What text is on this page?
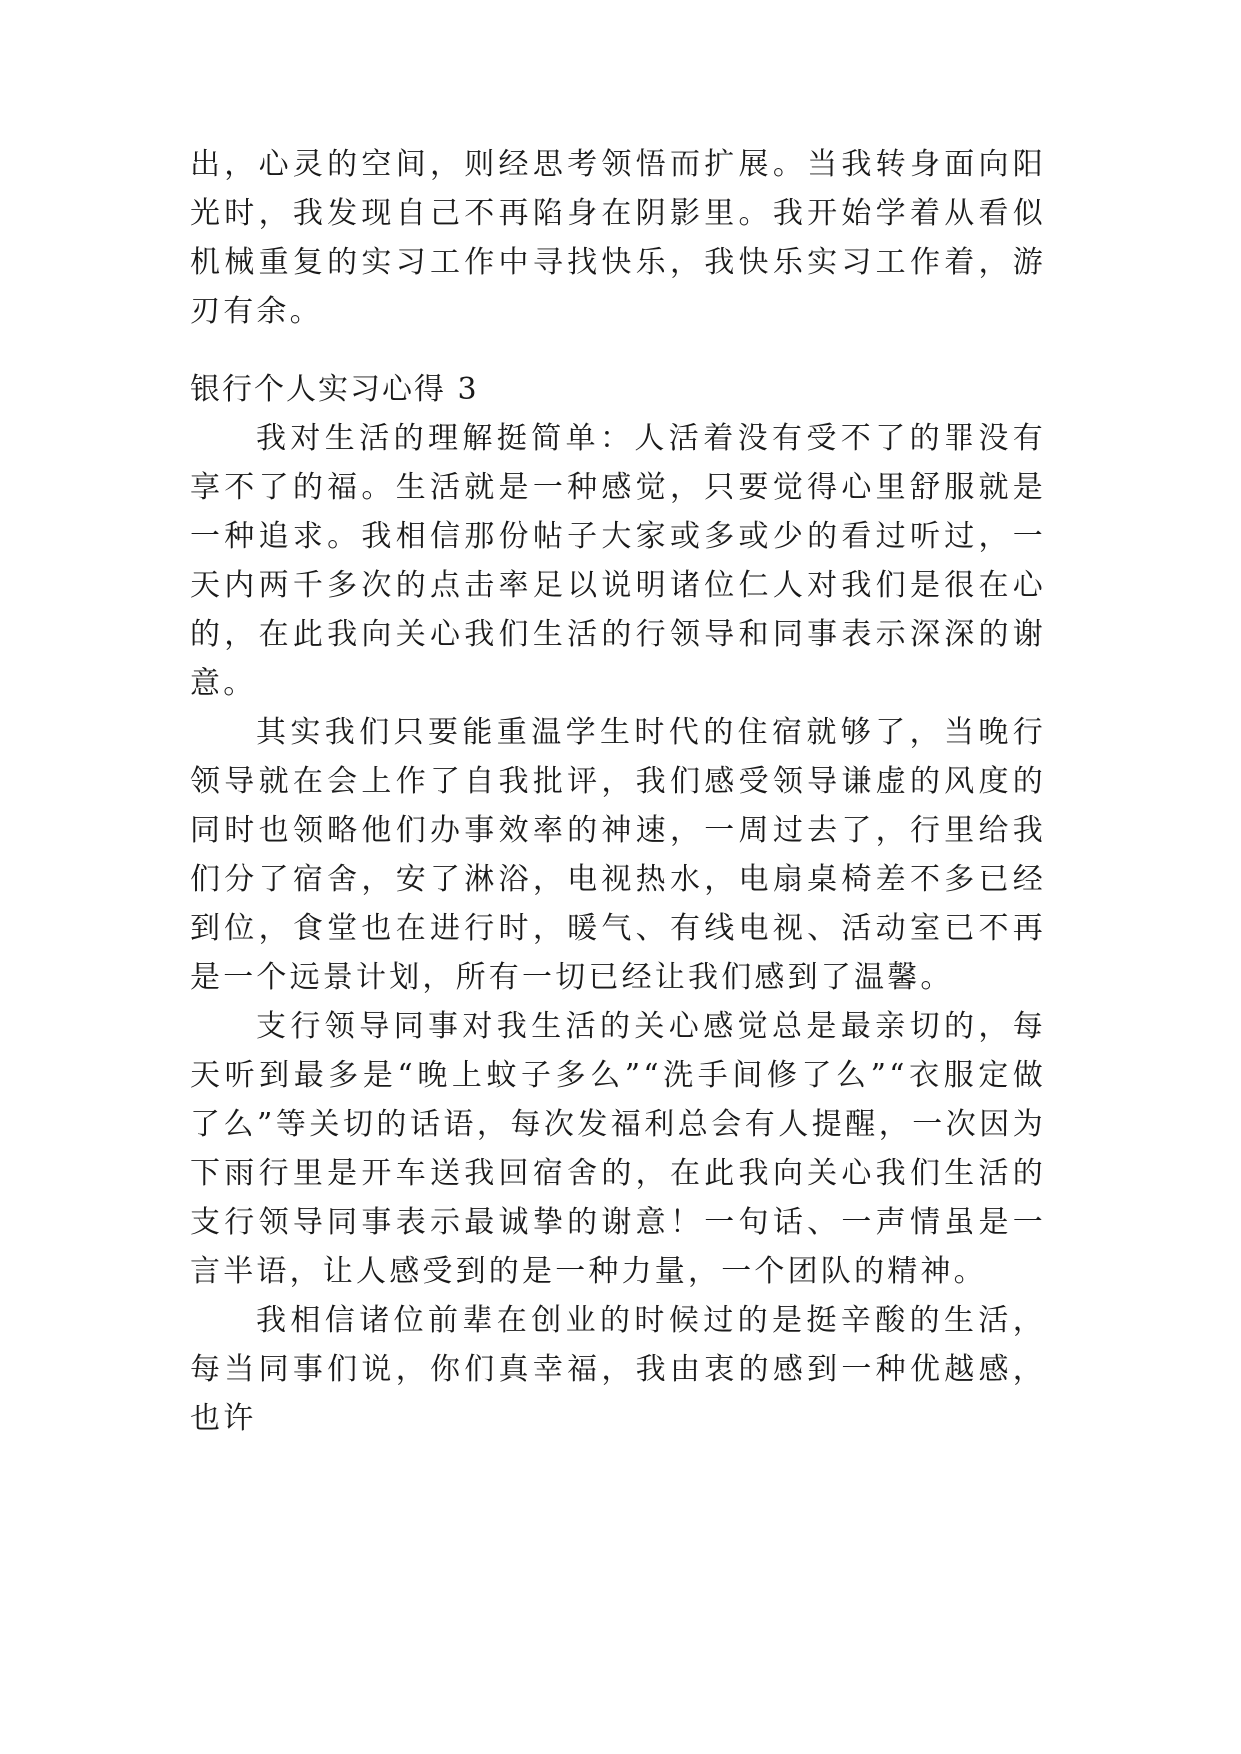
出，心灵的空间，则经思考领悟而扩展。当我转身面向阳光时，我发现自己不再陷身在阴影里。我开始学着从看似机械重复的实习工作中寻找快乐，我快乐实习工作着，游刃有余。

银行个人实习心得 3

我对生活的理解挺简单：人活着没有受不了的罪没有享不了的福。生活就是一种感觉，只要觉得心里舒服就是一种追求。我相信那份帖子大家或多或少的看过听过，一天内两千多次的点击率足以说明诸位仁人对我们是很在心的，在此我向关心我们生活的行领导和同事表示深深的谢意。

其实我们只要能重温学生时代的住宿就够了，当晚行领导就在会上作了自我批评，我们感受领导谦虚的风度的同时也领略他们办事效率的神速，一周过去了，行里给我们分了宿舍，安了淋浴，电视热水，电扇桌椅差不多已经到位，食堂也在进行时，暖气、有线电视、活动室已不再是一个远景计划，所有一切已经让我们感到了温馨。

支行领导同事对我生活的关心感觉总是最亲切的，每天听到最多是“晚上蚊子多么”“洗手间修了么”“衣服定做了么”等关切的话语，每次发福利总会有人提醒，一次因为下雨行里是开车送我回宿舍的，在此我向关心我们生活的支行领导同事表示最诚挚的谢意！一句话、一声情虽是一言半语，让人感受到的是一种力量，一个团队的精神。

我相信诸位前辈在创业的时候过的是挺辛酸的生活，每当同事们说，你们真幸福，我由衷的感到一种优越感，也许
